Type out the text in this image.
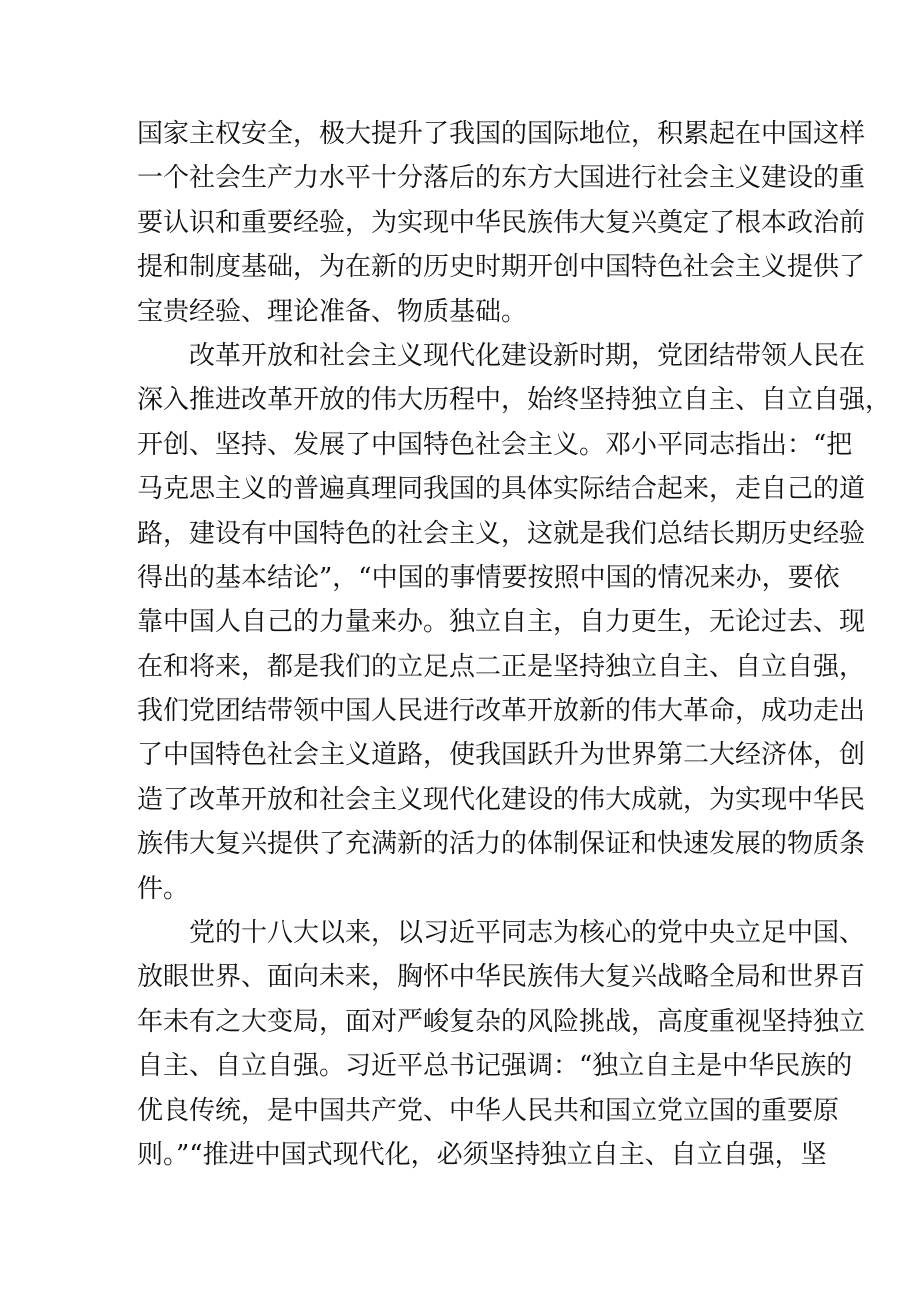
国家主权安全，极大提升了我国的国际地位，积累起在中国这样
一个社会生产力水平十分落后的东方大国进行社会主义建设的重
要认识和重要经验，为实现中华民族伟大复兴奠定了根本政治前
提和制度基础，为在新的历史时期开创中国特色社会主义提供了
宝贵经验、理论准备、物质基础。
改革开放和社会主义现代化建设新时期，党团结带领人民在
深入推进改革开放的伟大历程中，始终坚持独立自主、自立自强，
开创、坚持、发展了中国特色社会主义。邓小平同志指出：“把
马克思主义的普遍真理同我国的具体实际结合起来，走自己的道
路，建设有中国特色的社会主义，这就是我们总结长期历史经验
得出的基本结论”，“中国的事情要按照中国的情况来办，要依
靠中国人自己的力量来办。独立自主，自力更生，无论过去、现
在和将来，都是我们的立足点二正是坚持独立自主、自立自强，
我们党团结带领中国人民进行改革开放新的伟大革命，成功走出
了中国特色社会主义道路，使我国跃升为世界第二大经济体，创
造了改革开放和社会主义现代化建设的伟大成就，为实现中华民
族伟大复兴提供了充满新的活力的体制保证和快速发展的物质条
件。
党的十八大以来，以习近平同志为核心的党中央立足中国、
放眼世界、面向未来，胸怀中华民族伟大复兴战略全局和世界百
年未有之大变局，面对严峻复杂的风险挑战，高度重视坚持独立
自主、自立自强。习近平总书记强调：“独立自主是中华民族的
优良传统，是中国共产党、中华人民共和国立党立国的重要原
则。”“推进中国式现代化，必须坚持独立自主、自立自强，坚
